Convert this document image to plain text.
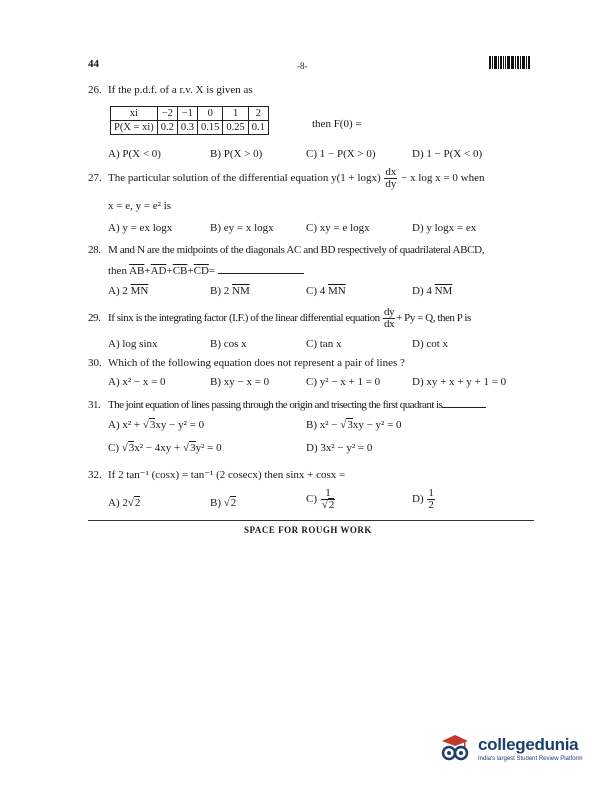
44	-8-
26. If the p.d.f. of a r.v. X is given as
xi	−2	−1	0	1	2
P(X = xi)	0.2	0.3	0.15	0.25	0.1	then F(0) =
A) P(X < 0)	B) P(X > 0)	C) 1 − P(X > 0)	D) 1 − P(X < 0)
27. The particular solution of the differential equation $y(1 + \log x) \frac{dx}{dy} - x$ log x = 0 when
x = e, y = e² is
A) y = ex logx	B) ey = x logx	C) xy = e logx	D) y logx = ex
28. M and N are the midpoints of the diagonals AC and BD respectively of quadrilateral ABCD,
then $\overline{AB}+\overline{AD}+\overline{CB}+\overline{CD}=$
A) 2 $\overline{MN}$	B) 2 $\overline{NM}$	C) 4 $\overline{MN}$	D) 4 $\overline{NM}$
29. If sinx is the integrating factor (I.F.) of the linear differential equation $\frac{dy}{dx} + Py = Q$, then P is
A) log sinx	B) cos x	C) tan x	D) cot x
30. Which of the following equation does not represent a pair of lines ?
A) x² − x = 0	B) xy − x = 0	C) y² − x + 1 = 0	D) xy + x + y + 1 = 0
31. The joint equation of lines passing through the origin and trisecting the first quadrant is
A) x² + √3xy − y² = 0	B) x² − √3xy − y² = 0
C) √3x² − 4xy + √3y² = 0	D) 3x² − y² = 0
32. If 2 tan⁻¹ (cosx) = tan⁻¹ (2 cosecx) then sinx + cosx =
A) 2√2	B) √2	$C) \frac{1}{√2}$	$D) \frac{1}{2}$
SPACE FOR ROUGH WORK
collegedunia
India's largest Student Review Platform
